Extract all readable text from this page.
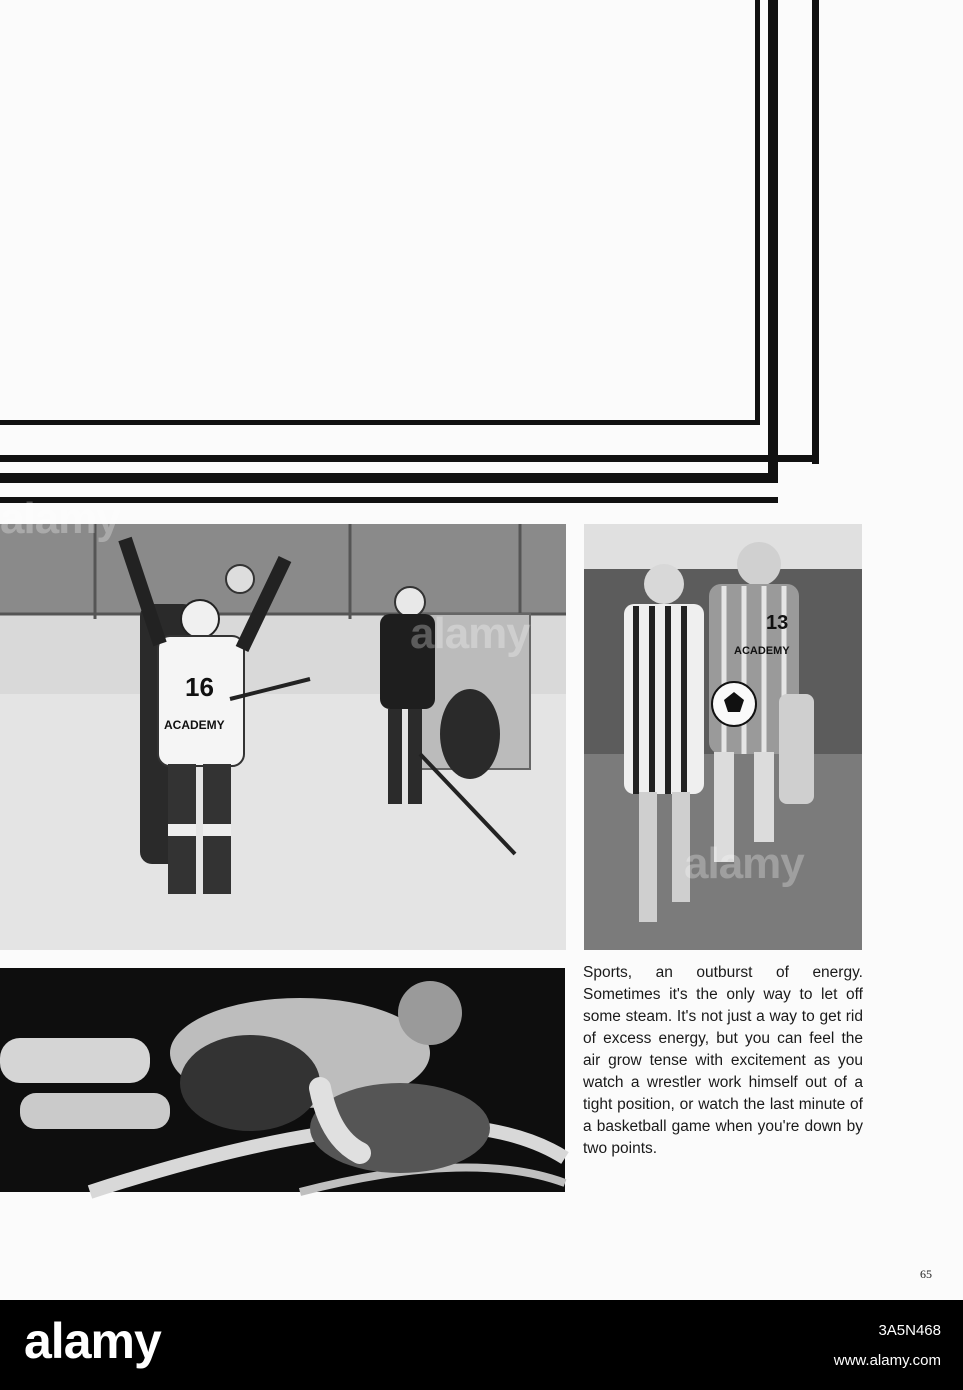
16
ACADEMY
alamy
alamy	13
ACADEMY
alamy

Sports, an outburst of energy. Sometimes it's the only way to let off some steam. It's not just a way to get rid of excess energy, but you can feel the air grow tense with excitement as you watch a wrestler work himself out of a tight position, or watch the last minute of a basketball game when you're down by two points.

65

alamy	3A5N468
www.alamy.com
